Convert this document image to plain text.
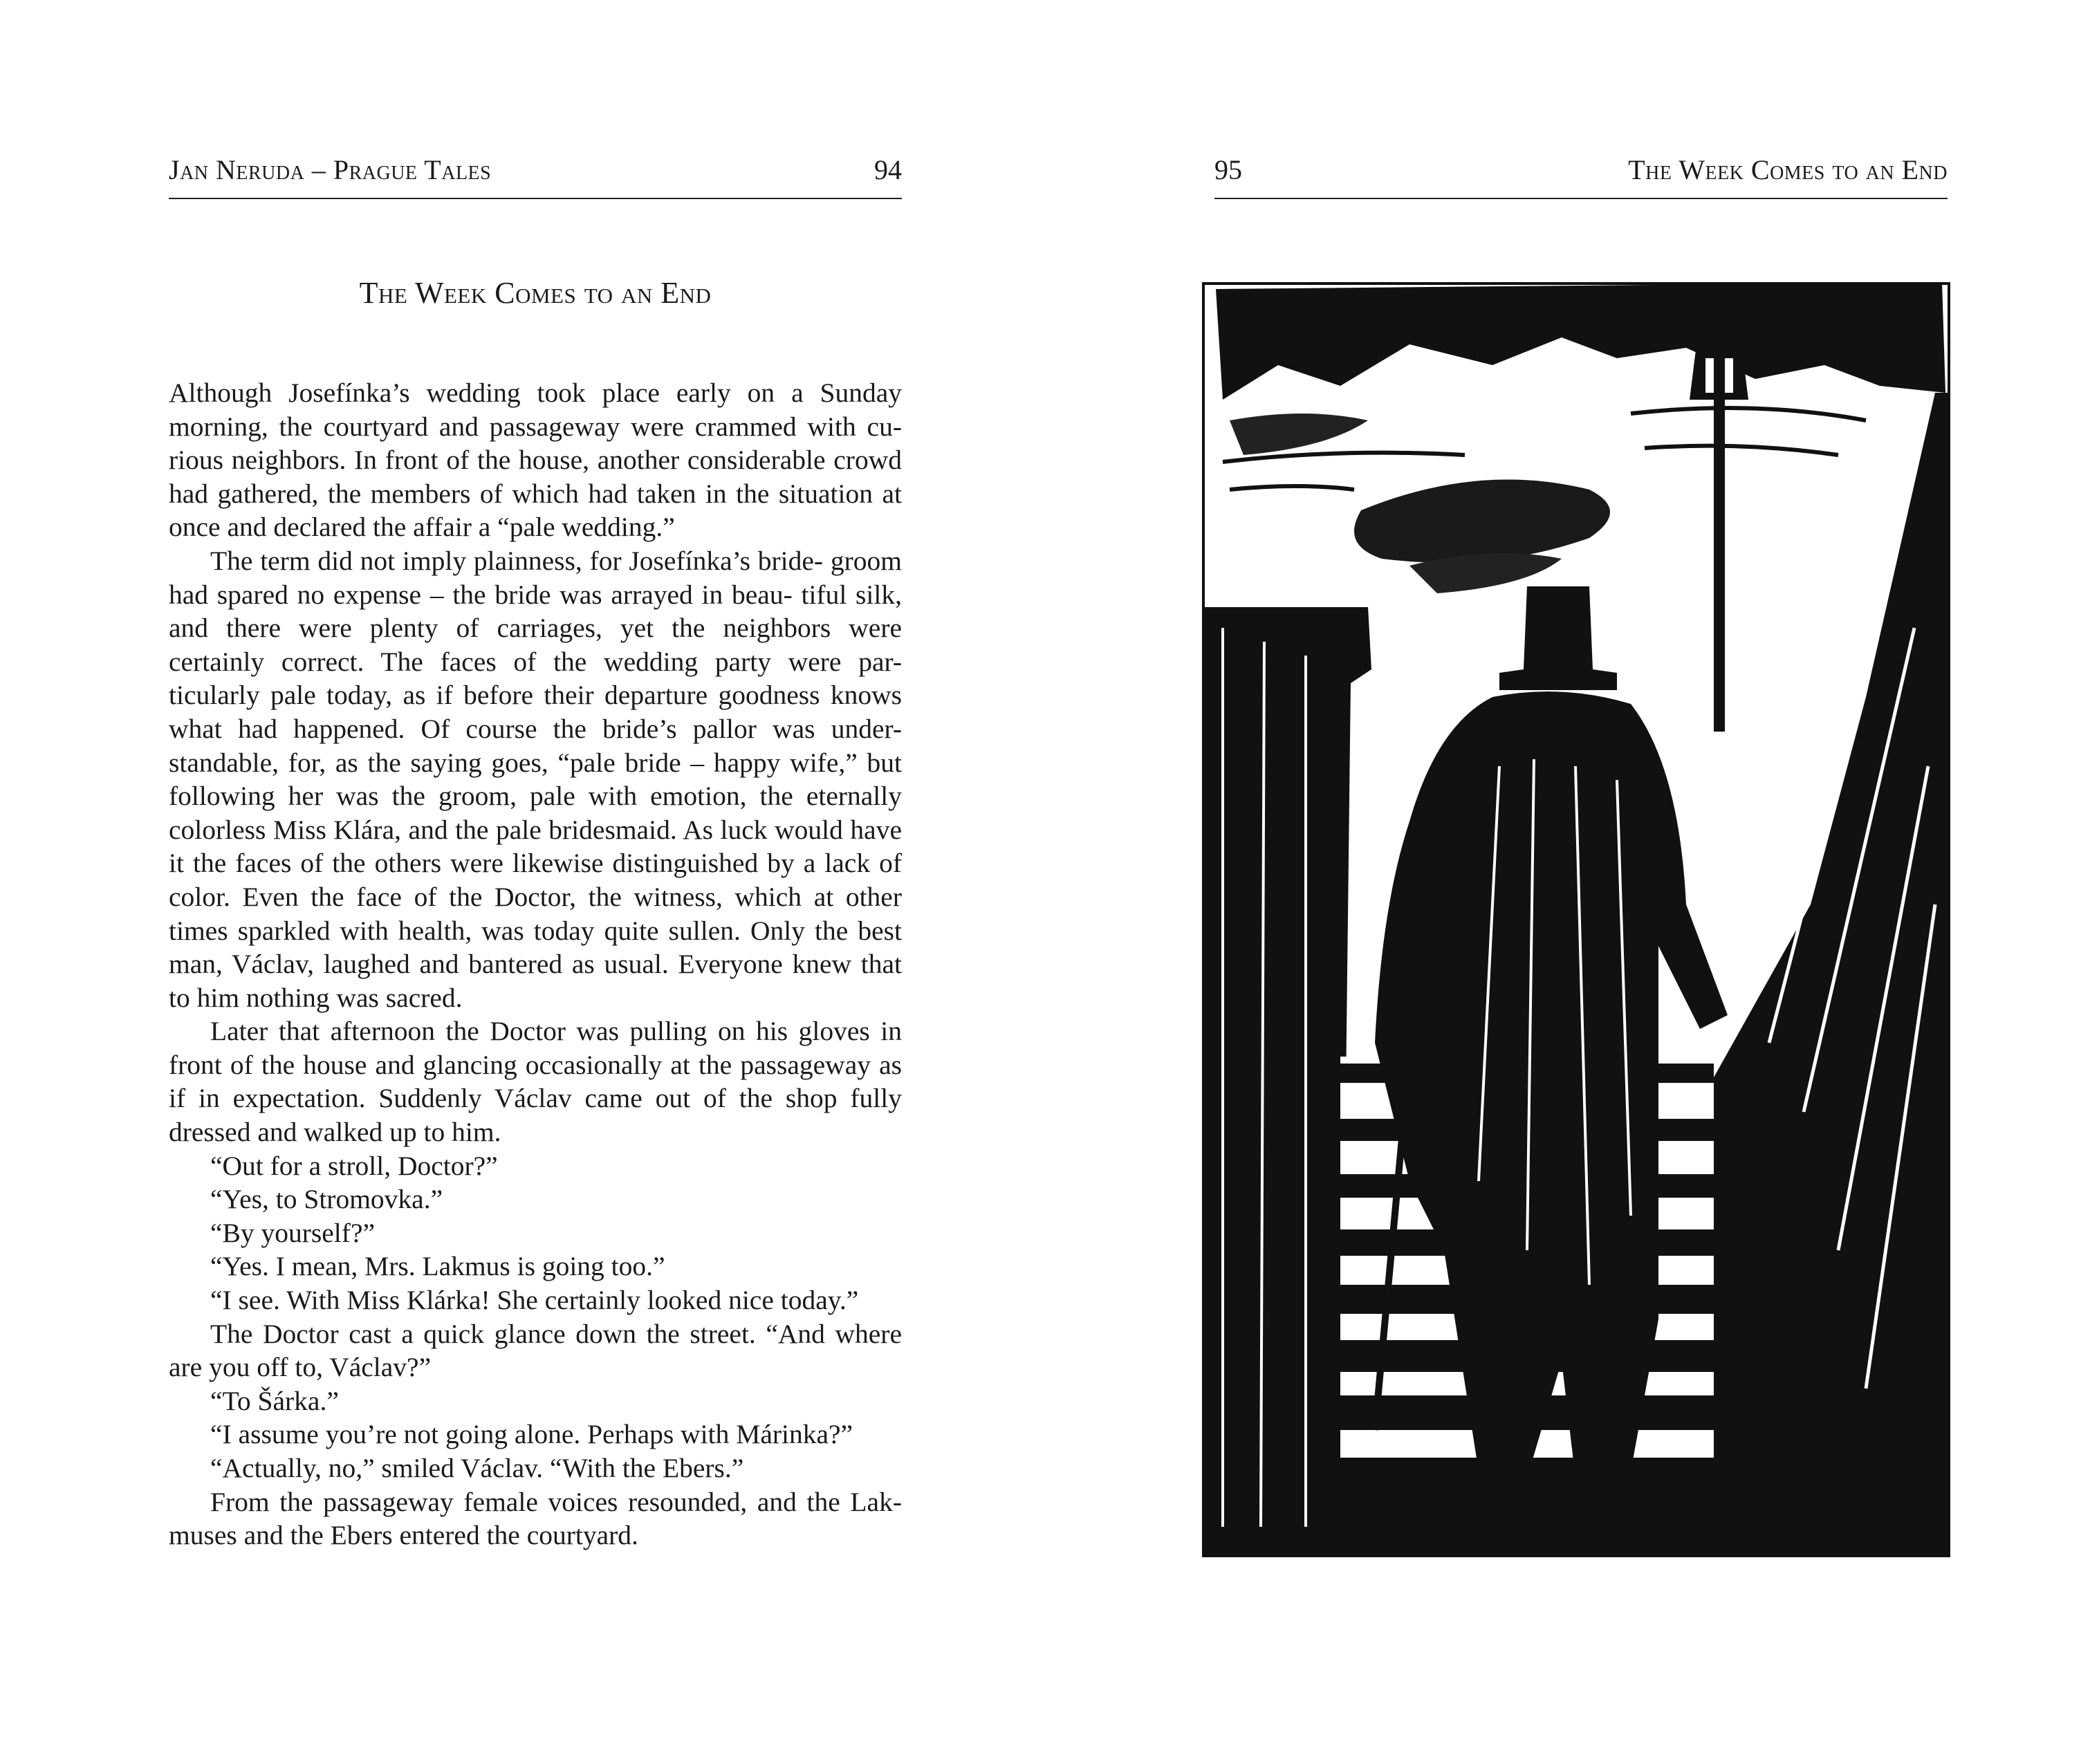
Jan Neruda – Prague Tales	94
The Week Comes to an End

Although Josefínka’s wedding took place early on a Sunday morning, the courtyard and passageway were crammed with cu- rious neighbors. In front of the house, another considerable crowd had gathered, the members of which had taken in the situation at once and declared the affair a “pale wedding.”

The term did not imply plainness, for Josefínka’s bride- groom had spared no expense – the bride was arrayed in beau- tiful silk, and there were plenty of carriages, yet the neighbors were certainly correct. The faces of the wedding party were par- ticularly pale today, as if before their departure goodness knows what had happened. Of course the bride’s pallor was under- standable, for, as the saying goes, “pale bride – happy wife,” but following her was the groom, pale with emotion, the eternally colorless Miss Klára, and the pale bridesmaid. As luck would have it the faces of the others were likewise distinguished by a lack of color. Even the face of the Doctor, the witness, which at other times sparkled with health, was today quite sullen. Only the best man, Václav, laughed and bantered as usual. Everyone knew that to him nothing was sacred.

Later that afternoon the Doctor was pulling on his gloves in front of the house and glancing occasionally at the passageway as if in expectation. Suddenly Václav came out of the shop fully dressed and walked up to him.

“Out for a stroll, Doctor?”

“Yes, to Stromovka.”

“By yourself?”

“Yes. I mean, Mrs. Lakmus is going too.”

“I see. With Miss Klárka! She certainly looked nice today.”

The Doctor cast a quick glance down the street. “And where are you off to, Václav?”

“To Šárka.”

“I assume you’re not going alone. Perhaps with Márinka?”

“Actually, no,” smiled Václav. “With the Ebers.”

From the passageway female voices resounded, and the Lak- muses and the Ebers entered the courtyard.

95	The Week Comes to an End
